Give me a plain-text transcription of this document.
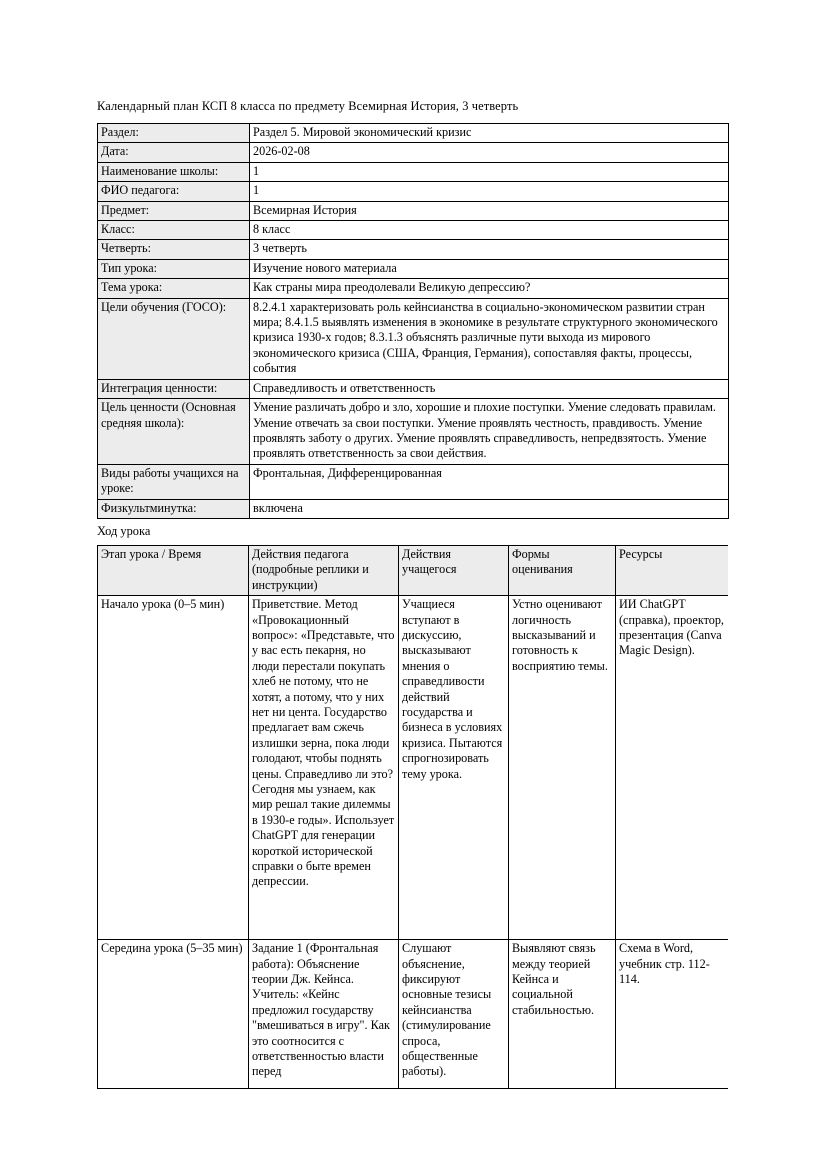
Календарный план КСП 8 класса по предмету Всемирная История, 3 четверть

Раздел:	Раздел 5. Мировой экономический кризис
Дата:	2026-02-08
Наименование школы:	1
ФИО педагога:	1
Предмет:	Всемирная История
Класс:	8 класс
Четверть:	3 четверть
Тип урока:	Изучение нового материала
Тема урока:	Как страны мира преодолевали Великую депрессию?
Цели обучения (ГОСО):	8.2.4.1 характеризовать роль кейнсианства в социально-экономическом развитии стран мира; 8.4.1.5 выявлять изменения в экономике в результате структурного экономического кризиса 1930-х годов; 8.3.1.3 объяснять различные пути выхода из мирового экономического кризиса (США, Франция, Германия), сопоставляя факты, процессы, события
Интеграция ценности:	Справедливость и ответственность
Цель ценности (Основная средняя школа):	Умение различать добро и зло, хорошие и плохие поступки. Умение следовать правилам. Умение отвечать за свои поступки. Умение проявлять честность, правдивость. Умение проявлять заботу о других. Умение проявлять справедливость, непредвзятость. Умение проявлять ответственность за свои действия.
Виды работы учащихся на уроке:	Фронтальная, Дифференцированная
Физкультминутка:	включена

Ход урока

Этап урока / Время	Действия педагога (подробные реплики и инструкции)	Действия учащегося	Формы оценивания	Ресурсы
Начало урока (0–5 мин)	Приветствие. Метод «Провокационный вопрос»: «Представьте, что у вас есть пекарня, но люди перестали покупать хлеб не потому, что не хотят, а потому, что у них нет ни цента. Государство предлагает вам сжечь излишки зерна, пока люди голодают, чтобы поднять цены. Справедливо ли это? Сегодня мы узнаем, как мир решал такие дилеммы в 1930-е годы». Использует ChatGPT для генерации короткой исторической справки о быте времен депрессии.	Учащиеся вступают в дискуссию, высказывают мнения о справедливости действий государства и бизнеса в условиях кризиса. Пытаются спрогнозировать тему урока.	Устно оценивают логичность высказываний и готовность к восприятию темы.	ИИ ChatGPT (справка), проектор, презентация (Canva Magic Design).
Середина урока (5–35 мин)	Задание 1 (Фронтальная работа): Объяснение теории Дж. Кейнса. Учитель: «Кейнс предложил государству "вмешиваться в игру". Как это соотносится с ответственностью власти перед	Слушают объяснение, фиксируют основные тезисы кейнсианства (стимулирование спроса, общественные работы).	Выявляют связь между теорией Кейнса и социальной стабильностью.	Схема в Word, учебник стр. 112-114.
